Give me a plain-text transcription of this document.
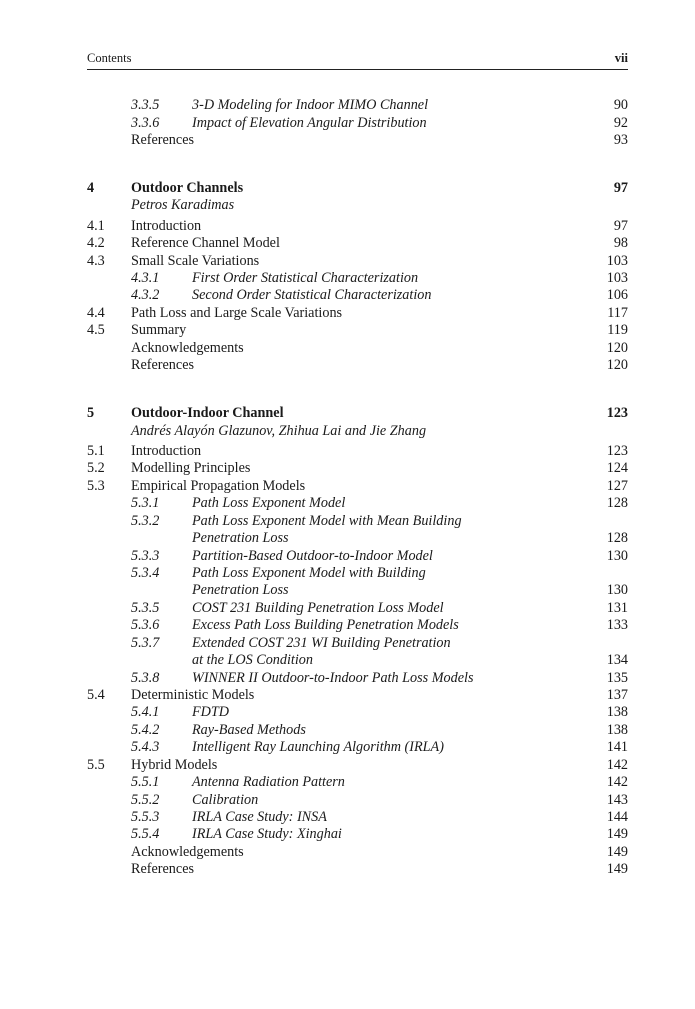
Contents	vii
3.3.5 3-D Modeling for Indoor MIMO Channel	90
3.3.6 Impact of Elevation Angular Distribution	92
References	93
4	Outdoor Channels	97
Petros Karadimas
4.1 Introduction	97
4.2 Reference Channel Model	98
4.3 Small Scale Variations	103
4.3.1 First Order Statistical Characterization	103
4.3.2 Second Order Statistical Characterization	106
4.4 Path Loss and Large Scale Variations	117
4.5 Summary	119
Acknowledgements	120
References	120
5	Outdoor-Indoor Channel	123
Andrés Alayón Glazunov, Zhihua Lai and Jie Zhang
5.1 Introduction	123
5.2 Modelling Principles	124
5.3 Empirical Propagation Models	127
5.3.1 Path Loss Exponent Model	128
5.3.2 Path Loss Exponent Model with Mean Building
Penetration Loss	128
5.3.3 Partition-Based Outdoor-to-Indoor Model	130
5.3.4 Path Loss Exponent Model with Building
Penetration Loss	130
5.3.5 COST 231 Building Penetration Loss Model	131
5.3.6 Excess Path Loss Building Penetration Models	133
5.3.7 Extended COST 231 WI Building Penetration
at the LOS Condition	134
5.3.8 WINNER II Outdoor-to-Indoor Path Loss Models	135
5.4 Deterministic Models	137
5.4.1 FDTD	138
5.4.2 Ray-Based Methods	138
5.4.3 Intelligent Ray Launching Algorithm (IRLA)	141
5.5 Hybrid Models	142
5.5.1 Antenna Radiation Pattern	142
5.5.2 Calibration	143
5.5.3 IRLA Case Study: INSA	144
5.5.4 IRLA Case Study: Xinghai	149
Acknowledgements	149
References	149
